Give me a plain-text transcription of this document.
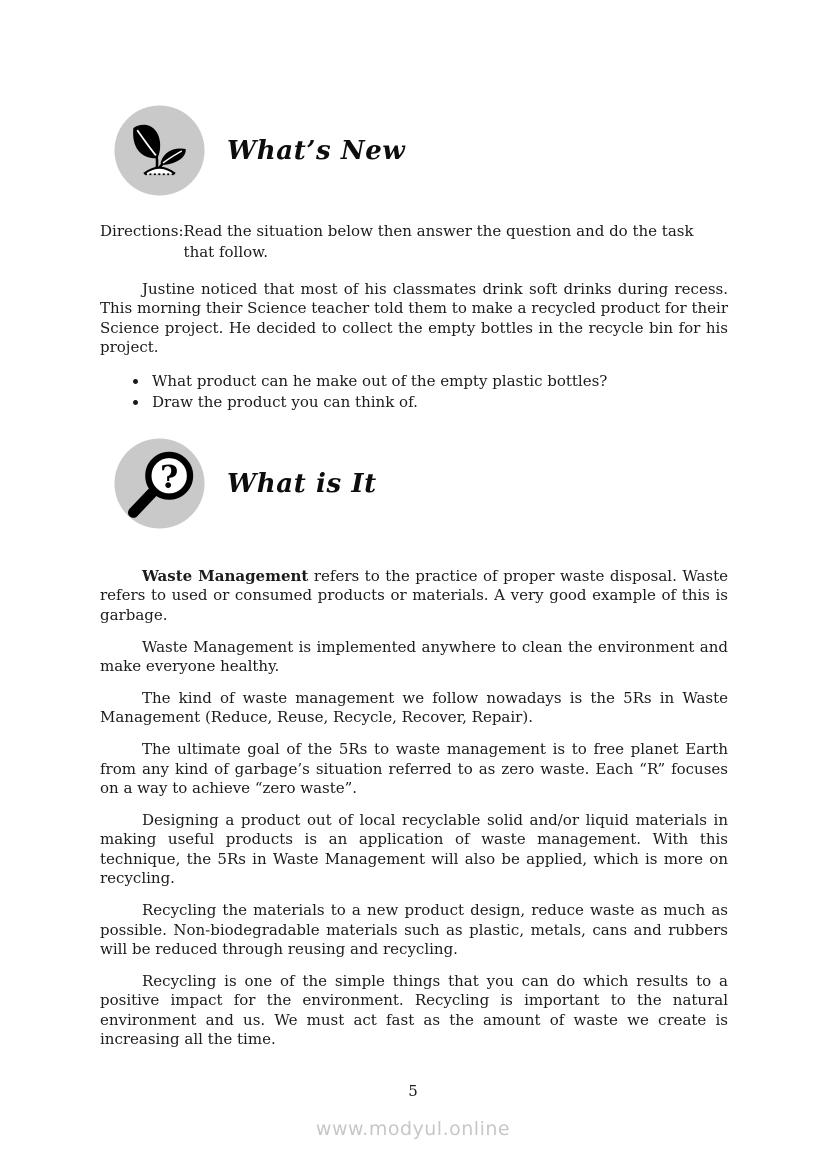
What’s New
Directions: Read the situation below then answer the question and do the task that follow.

Justine noticed that most of his classmates drink soft drinks during recess. This morning their Science teacher told them to make a recycled product for their Science project. He decided to collect the empty bottles in the recycle bin for his project.

• What product can he make out of the empty plastic bottles?
• Draw the product you can think of.
? What is It

Waste Management refers to the practice of proper waste disposal. Waste refers to used or consumed products or materials. A very good example of this is garbage.

Waste Management is implemented anywhere to clean the environment and make everyone healthy.

The kind of waste management we follow nowadays is the 5Rs in Waste Management (Reduce, Reuse, Recycle, Recover, Repair).

The ultimate goal of the 5Rs to waste management is to free planet Earth from any kind of garbage’s situation referred to as zero waste. Each “R” focuses on a way to achieve “zero waste”.

Designing a product out of local recyclable solid and/or liquid materials in making useful products is an application of waste management. With this technique, the 5Rs in Waste Management will also be applied, which is more on recycling.

Recycling the materials to a new product design, reduce waste as much as possible. Non-biodegradable materials such as plastic, metals, cans and rubbers will be reduced through reusing and recycling.

Recycling is one of the simple things that you can do which results to a positive impact for the environment. Recycling is important to the natural environment and us. We must act fast as the amount of waste we create is increasing all the time.

5
www.modyul.online
